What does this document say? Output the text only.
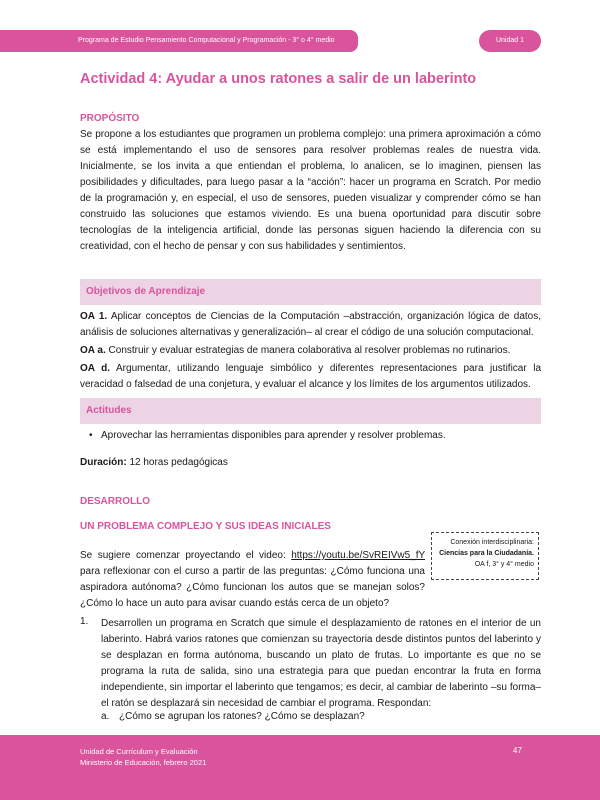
Programa de Estudio Pensamiento Computacional y Programación - 3° o 4° medio	Unidad 1
Actividad 4: Ayudar a unos ratones a salir de un laberinto
PROPÓSITO
Se propone a los estudiantes que programen un problema complejo: una primera aproximación a cómo se está implementando el uso de sensores para resolver problemas reales de nuestra vida. Inicialmente, se los invita a que entiendan el problema, lo analicen, se lo imaginen, piensen las posibilidades y dificultades, para luego pasar a la “acción”: hacer un programa en Scratch. Por medio de la programación y, en especial, el uso de sensores, pueden visualizar y comprender cómo se han construido las soluciones que estamos viviendo. Es una buena oportunidad para discutir sobre tecnologías de la inteligencia artificial, donde las personas siguen haciendo la diferencia con su creatividad, con el hecho de pensar y con sus habilidades y sentimientos.
Objetivos de Aprendizaje
OA 1. Aplicar conceptos de Ciencias de la Computación –abstracción, organización lógica de datos, análisis de soluciones alternativas y generalización– al crear el código de una solución computacional.
OA a. Construir y evaluar estrategias de manera colaborativa al resolver problemas no rutinarios.
OA d. Argumentar, utilizando lenguaje simbólico y diferentes representaciones para justificar la veracidad o falsedad de una conjetura, y evaluar el alcance y los límites de los argumentos utilizados.
Actitudes
• Aprovechar las herramientas disponibles para aprender y resolver problemas.
Duración: 12 horas pedagógicas
DESARROLLO
UN PROBLEMA COMPLEJO Y SUS IDEAS INICIALES
Se sugiere comenzar proyectando el video: https://youtu.be/SvREIVw5_fY para reflexionar con el curso a partir de las preguntas: ¿Cómo funciona una aspiradora autónoma? ¿Cómo funcionan los autos que se manejan solos? ¿Cómo lo hace un auto para avisar cuando estás cerca de un objeto?
Conexión interdisciplinaria:
Ciencias para la Ciudadanía.
OA f, 3° y 4° medio
1. Desarrollen un programa en Scratch que simule el desplazamiento de ratones en el interior de un laberinto. Habrá varios ratones que comienzan su trayectoria desde distintos puntos del laberinto y se desplazan en forma autónoma, buscando un plato de frutas. Lo importante es que no se programa la ruta de salida, sino una estrategia para que puedan encontrar la fruta en forma independiente, sin importar el laberinto que tengamos; es decir, al cambiar de laberinto –su forma– el ratón se desplazará sin necesidad de cambiar el programa. Respondan:
a. ¿Cómo se agrupan los ratones? ¿Cómo se desplazan?
Unidad de Currículum y Evaluación
Ministerio de Educación, febrero 2021
47
